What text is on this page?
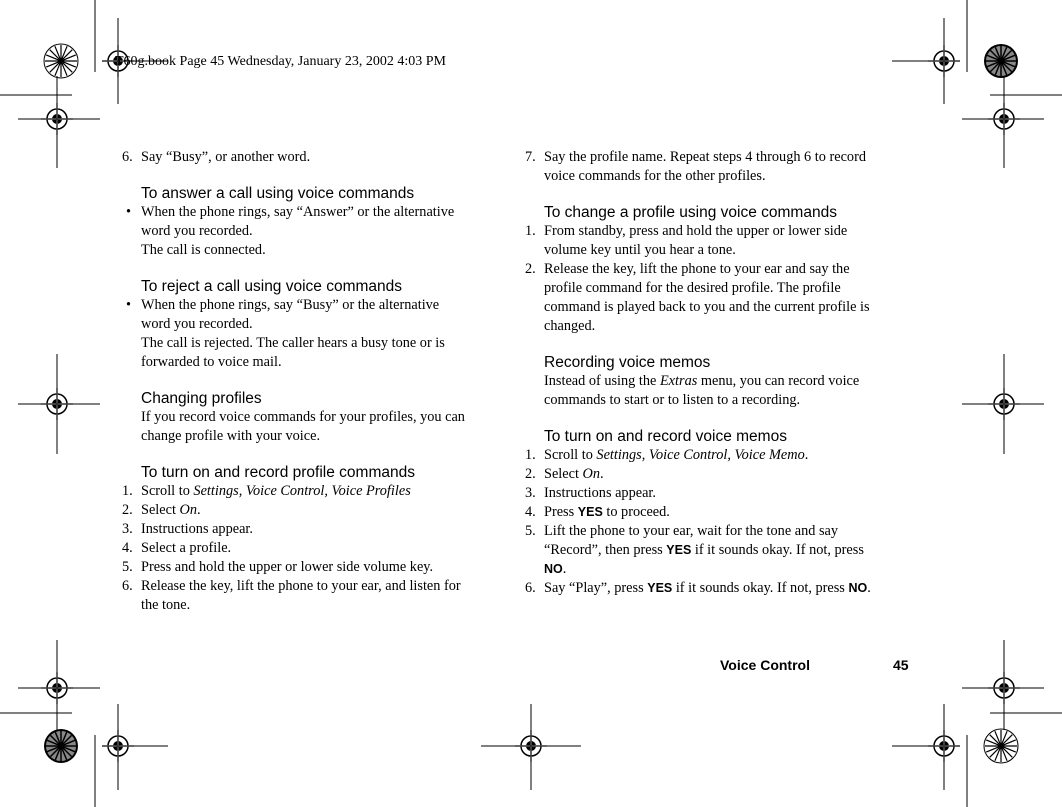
T60g.book Page 45 Wednesday, January 23, 2002 4:03 PM

6. Say “Busy”, or another word.

To answer a call using voice commands

• When the phone rings, say “Answer” or the alternative

word you recorded.

The call is connected.

To reject a call using voice commands

• When the phone rings, say “Busy” or the alternative

word you recorded.

The call is rejected. The caller hears a busy tone or is

forwarded to voice mail.

Changing profiles

If you record voice commands for your profiles, you can

change profile with your voice.

To turn on and record profile commands

1. Scroll to Settings, Voice Control, Voice Profiles

2. Select On.

3. Instructions appear.

4. Select a profile.

5. Press and hold the upper or lower side volume key.

6. Release the key, lift the phone to your ear, and listen for

the tone.

7. Say the profile name. Repeat steps 4 through 6 to record

voice commands for the other profiles.

To change a profile using voice commands

1. From standby, press and hold the upper or lower side

volume key until you hear a tone.

2. Release the key, lift the phone to your ear and say the

profile command for the desired profile. The profile

command is played back to you and the current profile is

changed.

Recording voice memos

Instead of using the Extras menu, you can record voice

commands to start or to listen to a recording.

To turn on and record voice memos

1. Scroll to Settings, Voice Control, Voice Memo.

2. Select On.

3. Instructions appear.

4. Press YES to proceed.

5. Lift the phone to your ear, wait for the tone and say

“Record”, then press YES if it sounds okay. If not, press

NO.

6. Say “Play”, press YES if it sounds okay. If not, press NO.

Voice Control	45
